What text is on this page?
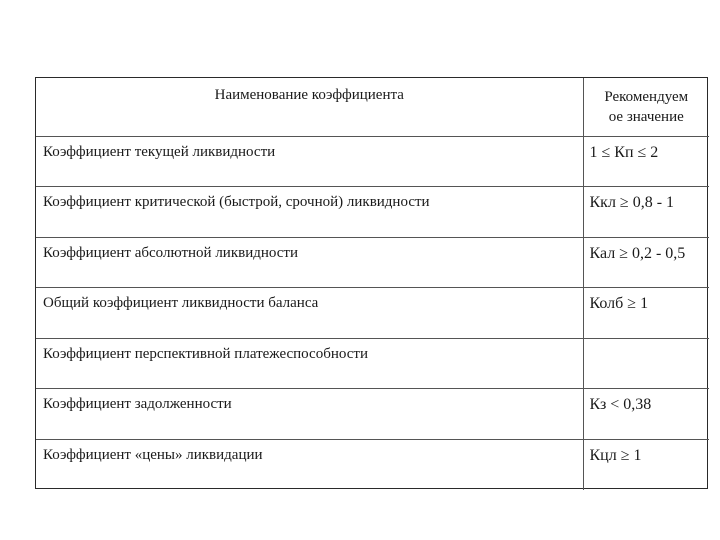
Наименование коэффициента	Рекомендуем
ое значение
Коэффициент текущей ликвидности	1 ≤ Кп ≤ 2
Коэффициент критической (быстрой, срочной) ликвидности	Ккл ≥ 0,8 - 1
Коэффициент абсолютной ликвидности	Кал ≥ 0,2 - 0,5
Общий коэффициент ликвидности баланса	Колб ≥ 1
Коэффициент перспективной платежеспособности	
Коэффициент задолженности	Кз < 0,38
Коэффициент «цены» ликвидации	Кцл ≥ 1
